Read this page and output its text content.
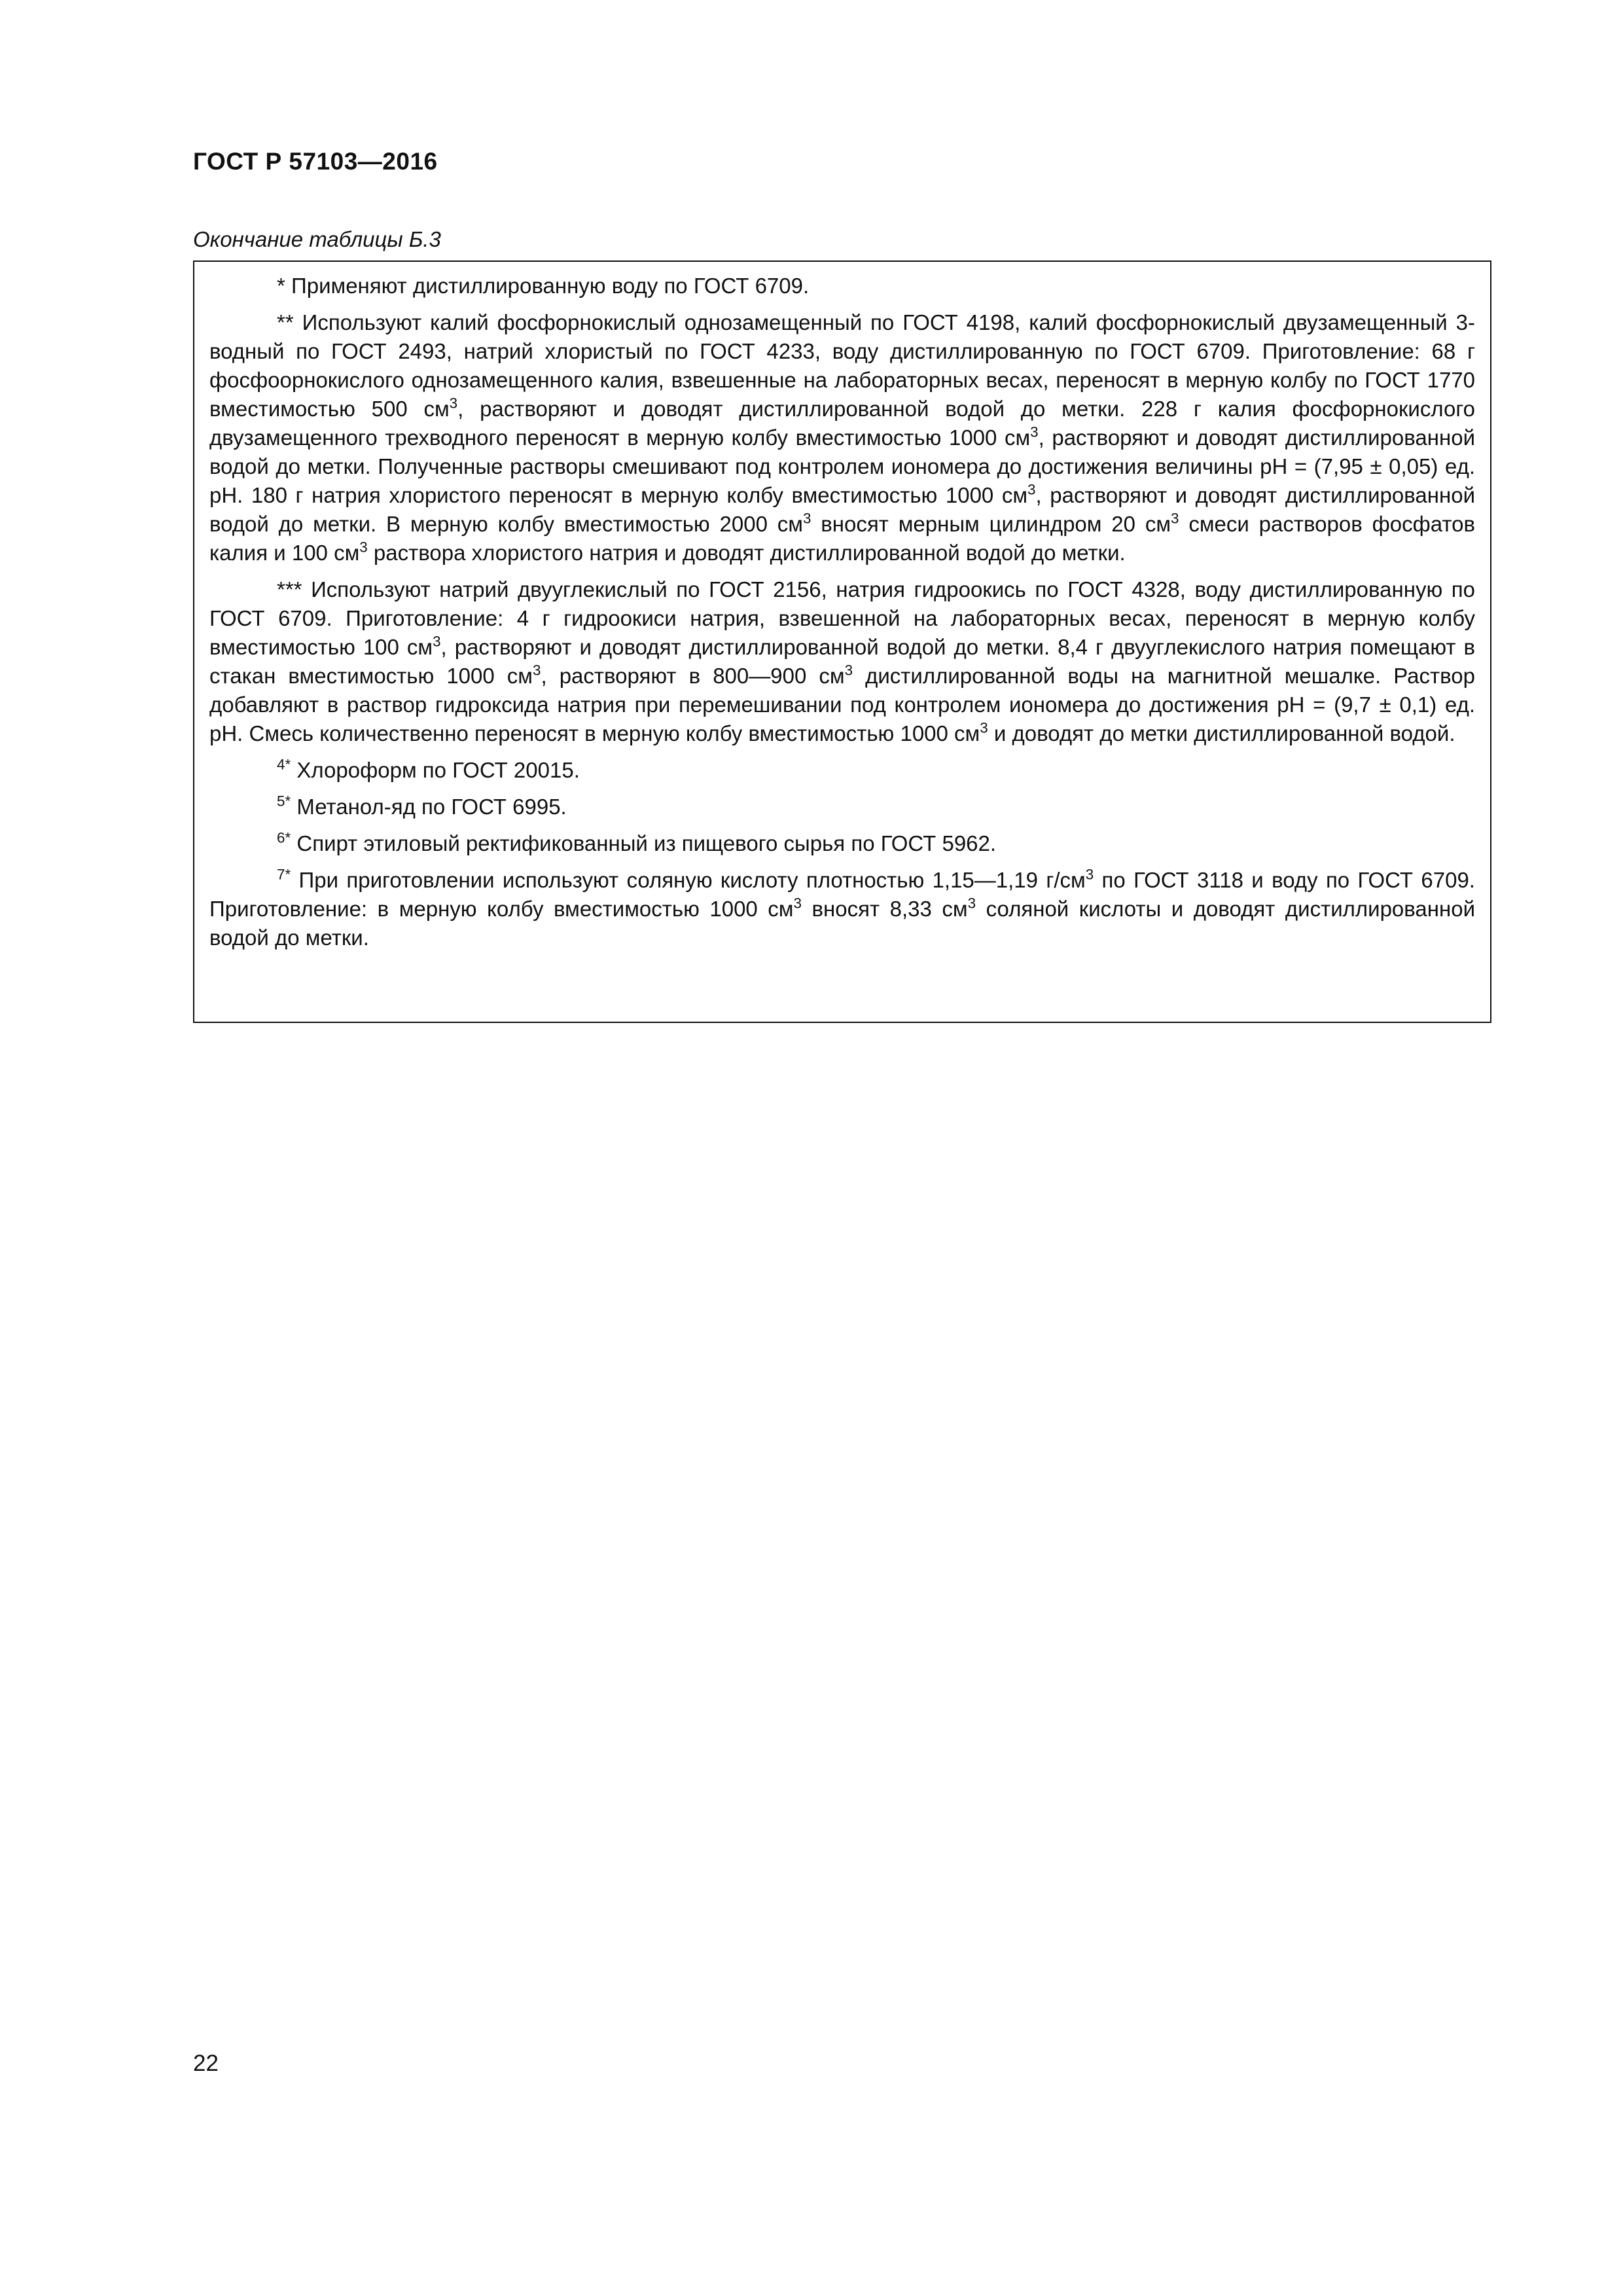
ГОСТ Р 57103—2016
Окончание таблицы Б.3

* Применяют дистиллированную воду по ГОСТ 6709.

** Используют калий фосфорнокислый однозамещенный по ГОСТ 4198, калий фосфорнокислый двузамещенный 3-водный по ГОСТ 2493, натрий хлористый по ГОСТ 4233, воду дистиллированную по ГОСТ 6709. Приготовление: 68 г фосфоорнокислого однозамещенного калия, взвешенные на лабораторных весах, переносят в мерную колбу по ГОСТ 1770 вместимостью 500 $см^3$, растворяют и доводят дистиллированной водой до метки. 228 г калия фосфорнокислого двузамещенного трехводного переносят в мерную колбу вместимостью 1000 $см^3$, растворяют и доводят дистиллированной водой до метки. Полученные растворы смешивают под контролем иономера до достижения величины pH = (7,95 ± 0,05) ед. pH. 180 г натрия хлористого переносят в мерную колбу вместимостью 1000 $см^3$, растворяют и доводят дистиллированной водой до метки. В мерную колбу вместимостью 2000 $см^3$ вносят мерным цилиндром 20 $см^3$ смеси растворов фосфатов калия и 100 $см^3$ раствора хлористого натрия и доводят дистиллированной водой до метки.

*** Используют натрий двууглекислый по ГОСТ 2156, натрия гидроокись по ГОСТ 4328, воду дистиллированную по ГОСТ 6709. Приготовление: 4 г гидроокиси натрия, взвешенной на лабораторных весах, переносят в мерную колбу вместимостью 100 $см^3$, растворяют и доводят дистиллированной водой до метки. 8,4 г двууглекислого натрия помещают в стакан вместимостью 1000 $см^3$, растворяют в 800—900 $см^3$ дистиллированной воды на магнитной мешалке. Раствор добавляют в раствор гидроксида натрия при перемешивании под контролем иономера до достижения pH = (9,7 ± 0,1) ед. pH. Смесь количественно переносят в мерную колбу вместимостью 1000 $см^3$ и доводят до метки дистиллированной водой.

$^{4*}$ Хлороформ по ГОСТ 20015.

$^{5*}$ Метанол-яд по ГОСТ 6995.

$^{6*}$ Спирт этиловый ректификованный из пищевого сырья по ГОСТ 5962.

$^{7*}$ При приготовлении используют соляную кислоту плотностью 1,15—1,19 $г/см^3$ по ГОСТ 3118 и воду по ГОСТ 6709. Приготовление: в мерную колбу вместимостью 1000 $см^3$ вносят 8,33 $см^3$ соляной кислоты и доводят дистиллированной водой до метки.

22
